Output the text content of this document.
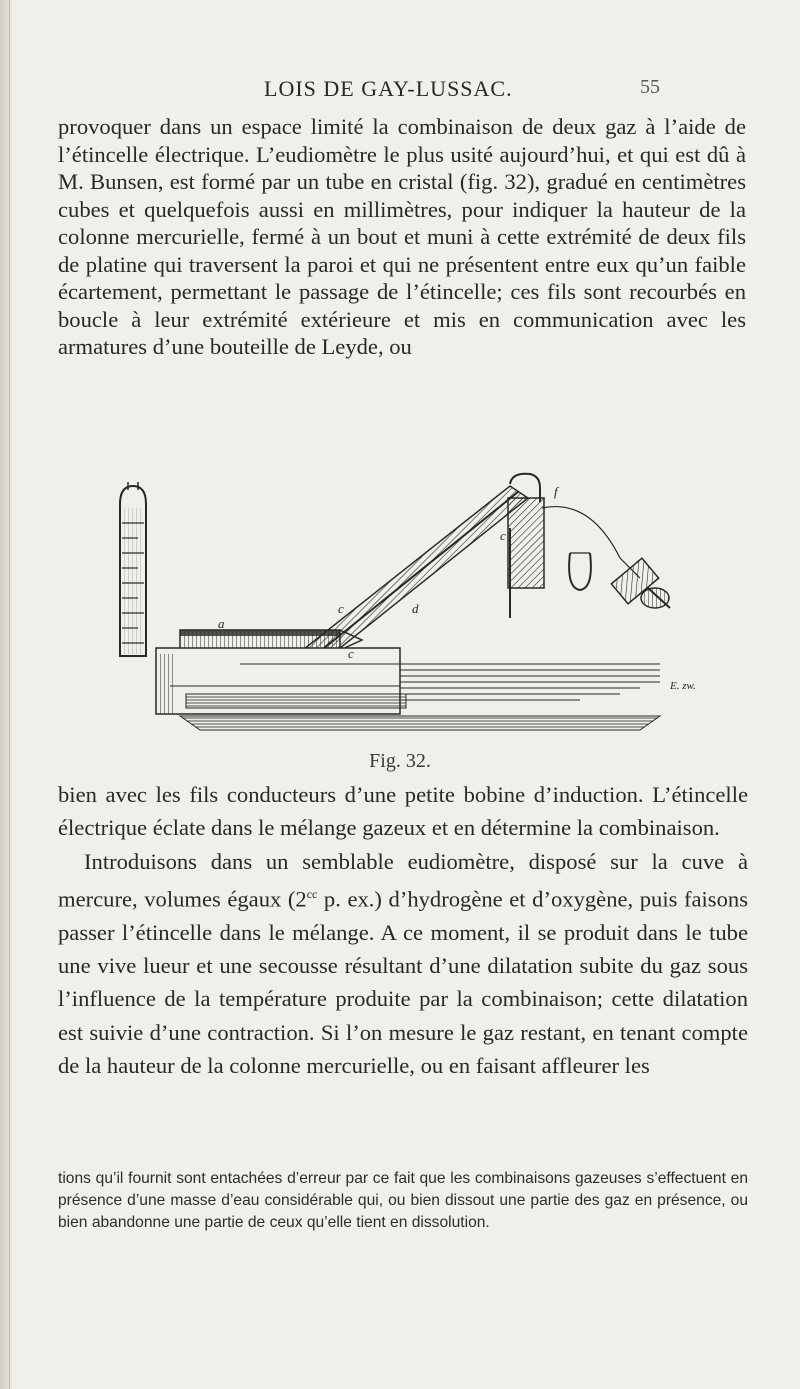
LOIS DE GAY-LUSSAC.	55

provoquer dans un espace limité la combinaison de deux gaz à l’aide de l’étincelle électrique. L’eudiomètre le plus usité aujourd’hui, et qui est dû à M. Bunsen, est formé par un tube en cristal (fig. 32), gradué en centimètres cubes et quelquefois aussi en millimètres, pour indiquer la hauteur de la colonne mercurielle, fermé à un bout et muni à cette extrémité de deux fils de platine qui traversent la paroi et qui ne présentent entre eux qu’un faible écartement, permettant le passage de l’étincelle; ces fils sont recourbés en boucle à leur extrémité extérieure et mis en communication avec les armatures d’une bouteille de Leyde, ou

a
c
c
c
d
f
E. zw.
Fig. 32.

bien avec les fils conducteurs d’une petite bobine d’induction. L’étincelle électrique éclate dans le mélange gazeux et en détermine la combinaison.

Introduisons dans un semblable eudiomètre, disposé sur la cuve à mercure, volumes égaux ($2^{cc}$ p. ex.) d’hydrogène et d’oxygène, puis faisons passer l’étincelle dans le mélange. A ce moment, il se produit dans le tube une vive lueur et une secousse résultant d’une dilatation subite du gaz sous l’influence de la température produite par la combinaison; cette dilatation est suivie d’une contraction. Si l’on mesure le gaz restant, en tenant compte de la hauteur de la colonne mercurielle, ou en faisant affleurer les

tions qu’il fournit sont entachées d’erreur par ce fait que les combinaisons gazeuses s’effectuent en présence d’une masse d’eau considérable qui, ou bien dissout une partie des gaz en présence, ou bien abandonne une partie de ceux qu’elle tient en dissolution.
